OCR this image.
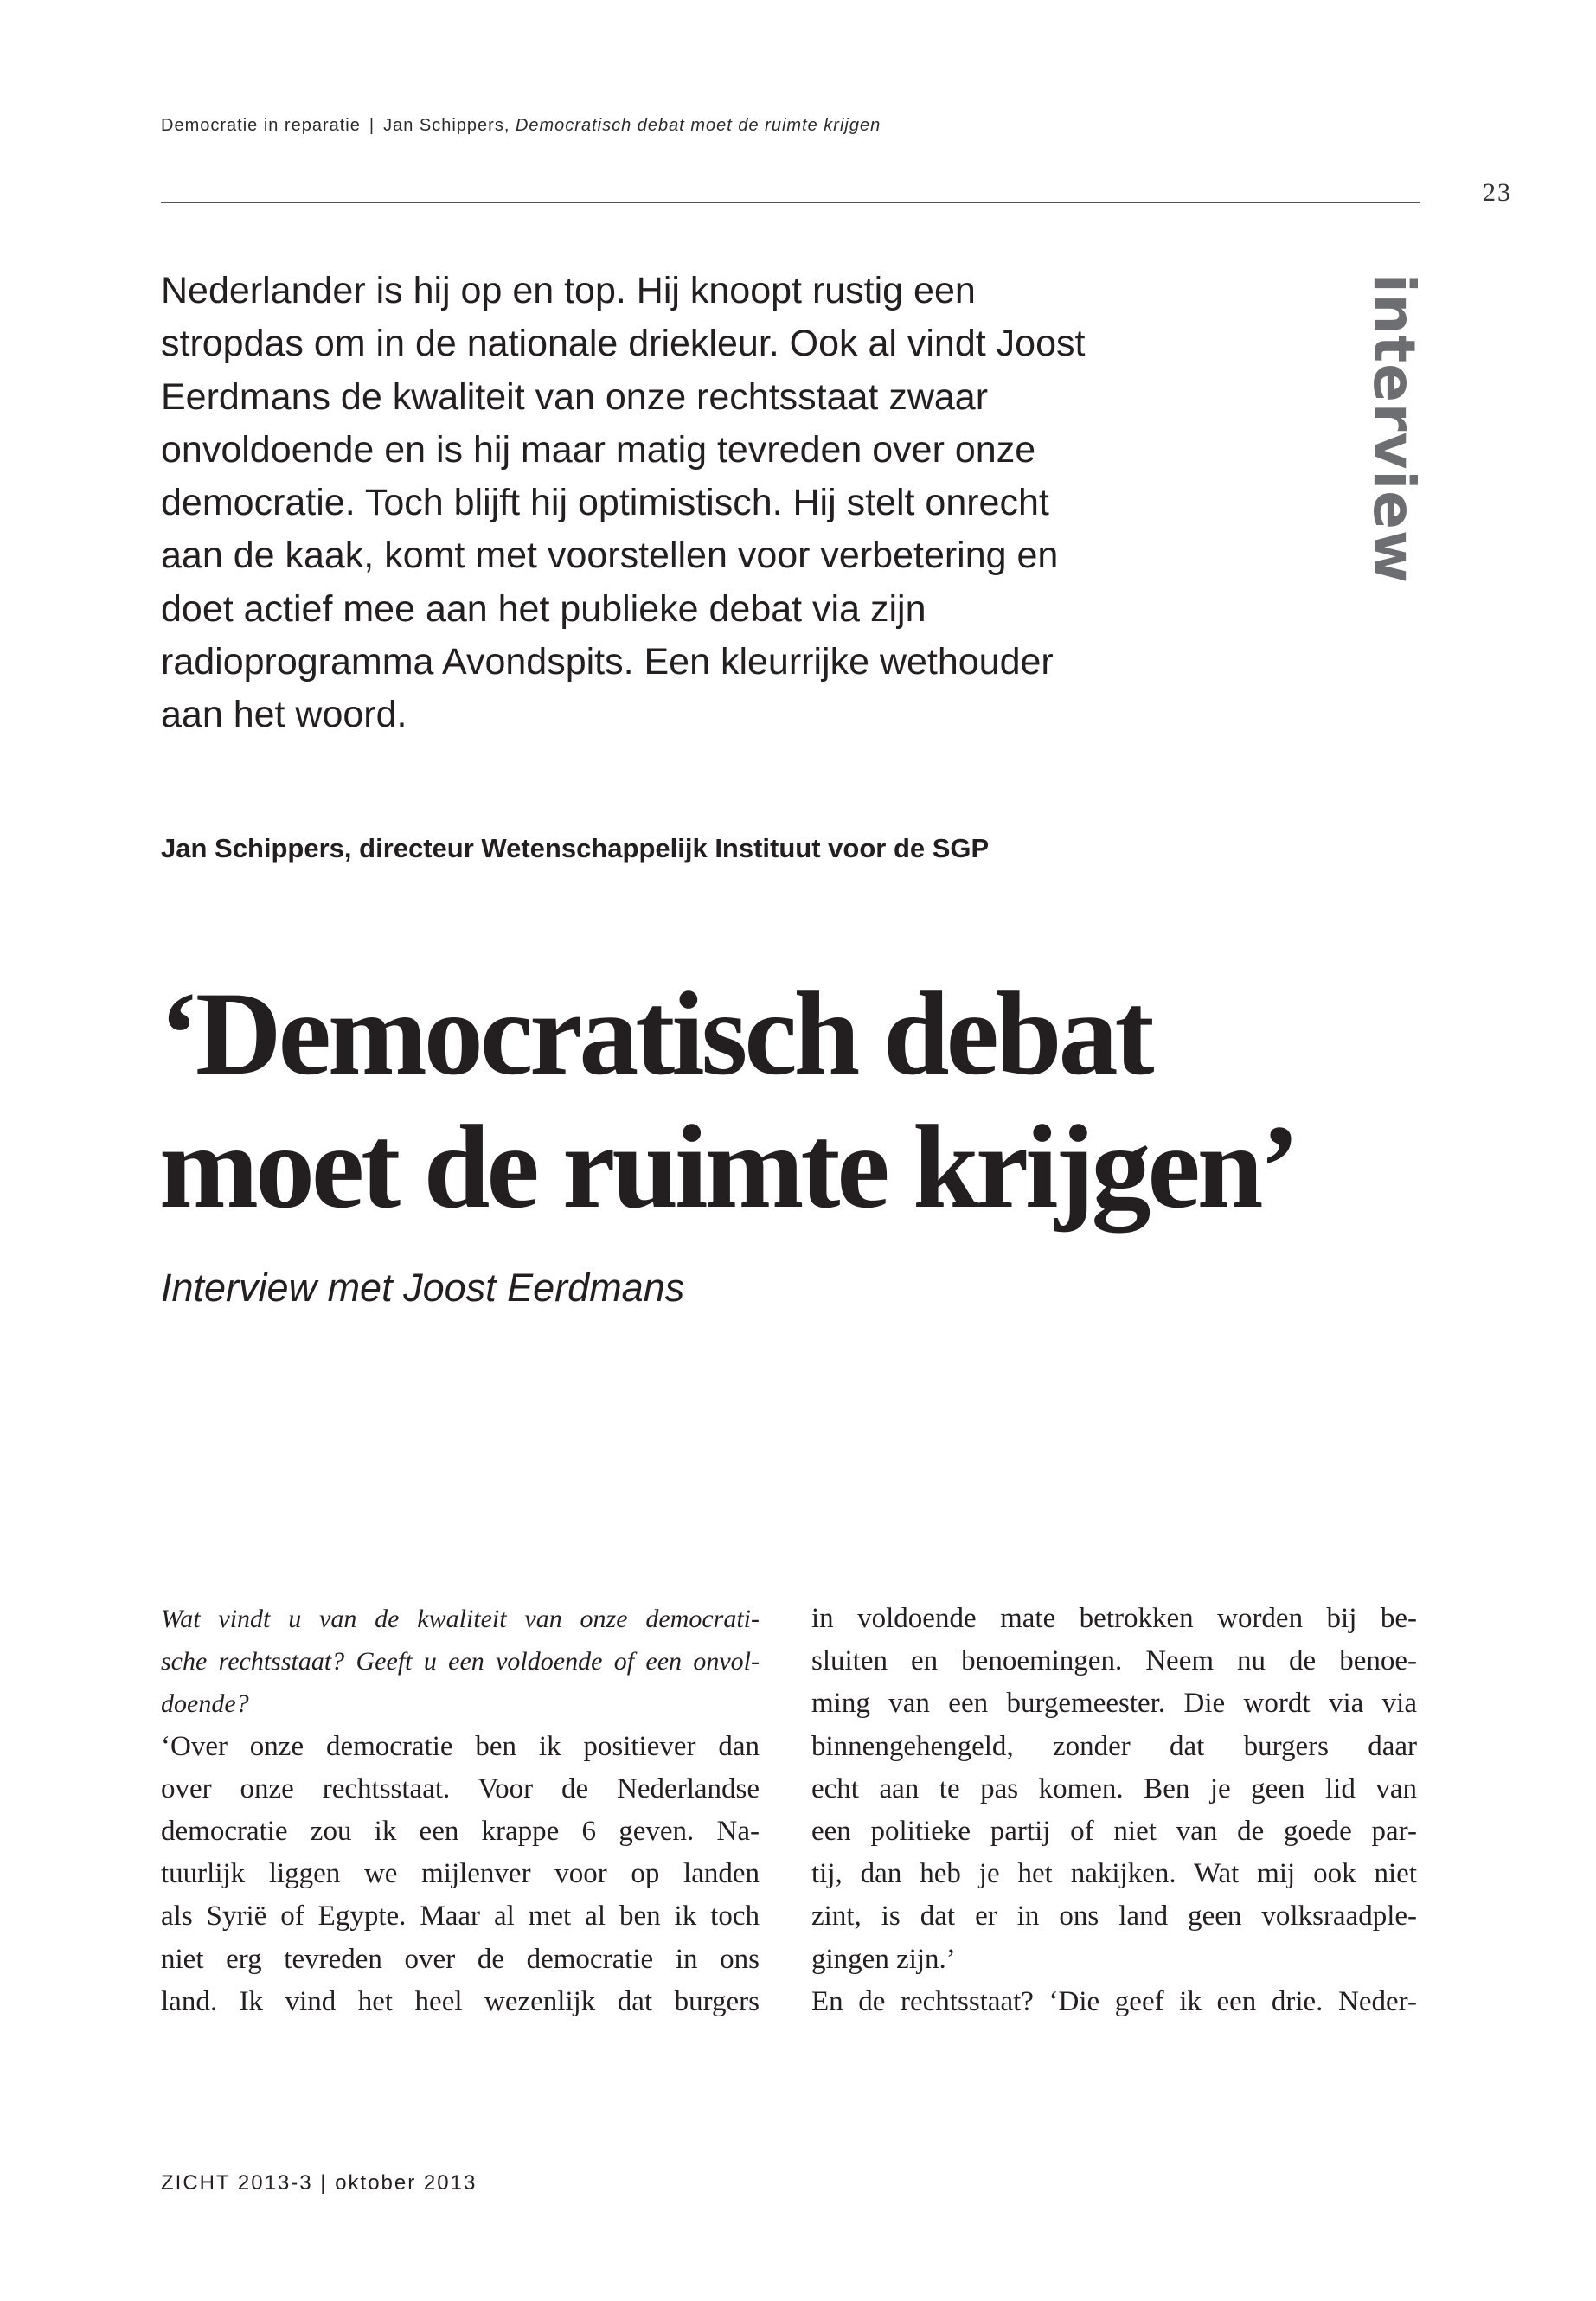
Democratie in reparatie | Jan Schippers, Democratisch debat moet de ruimte krijgen
23
interview

Nederlander is hij op en top. Hij knoopt rustig een
stropdas om in de nationale driekleur. Ook al vindt Joost
Eerdmans de kwaliteit van onze rechtsstaat zwaar
onvoldoende en is hij maar matig tevreden over onze
democratie. Toch blijft hij optimistisch. Hij stelt onrecht
aan de kaak, komt met voorstellen voor verbetering en
doet actief mee aan het publieke debat via zijn
radioprogramma Avondspits. Een kleurrijke wethouder
aan het woord.

Jan Schippers, directeur Wetenschappelijk Instituut voor de SGP
‘Democratisch debat
moet de ruimte krijgen’
Interview met Joost Eerdmans
Wat vindt u van de kwaliteit van onze democrati-
sche rechtsstaat? Geeft u een voldoende of een onvol-
doende?
‘Over onze democratie ben ik positiever dan
over onze rechtsstaat. Voor de Nederlandse
democratie zou ik een krappe 6 geven. Na-
tuurlijk liggen we mijlenver voor op landen
als Syrië of Egypte. Maar al met al ben ik toch
niet erg tevreden over de democratie in ons
land. Ik vind het heel wezenlijk dat burgers
in voldoende mate betrokken worden bij be-
sluiten en benoemingen. Neem nu de benoe-
ming van een burgemeester. Die wordt via via
binnengehengeld, zonder dat burgers daar
echt aan te pas komen. Ben je geen lid van
een politieke partij of niet van de goede par-
tij, dan heb je het nakijken. Wat mij ook niet
zint, is dat er in ons land geen volksraadple-
gingen zijn.’
En de rechtsstaat? ‘Die geef ik een drie. Neder-
ZICHT 2013-3 | oktober 2013
